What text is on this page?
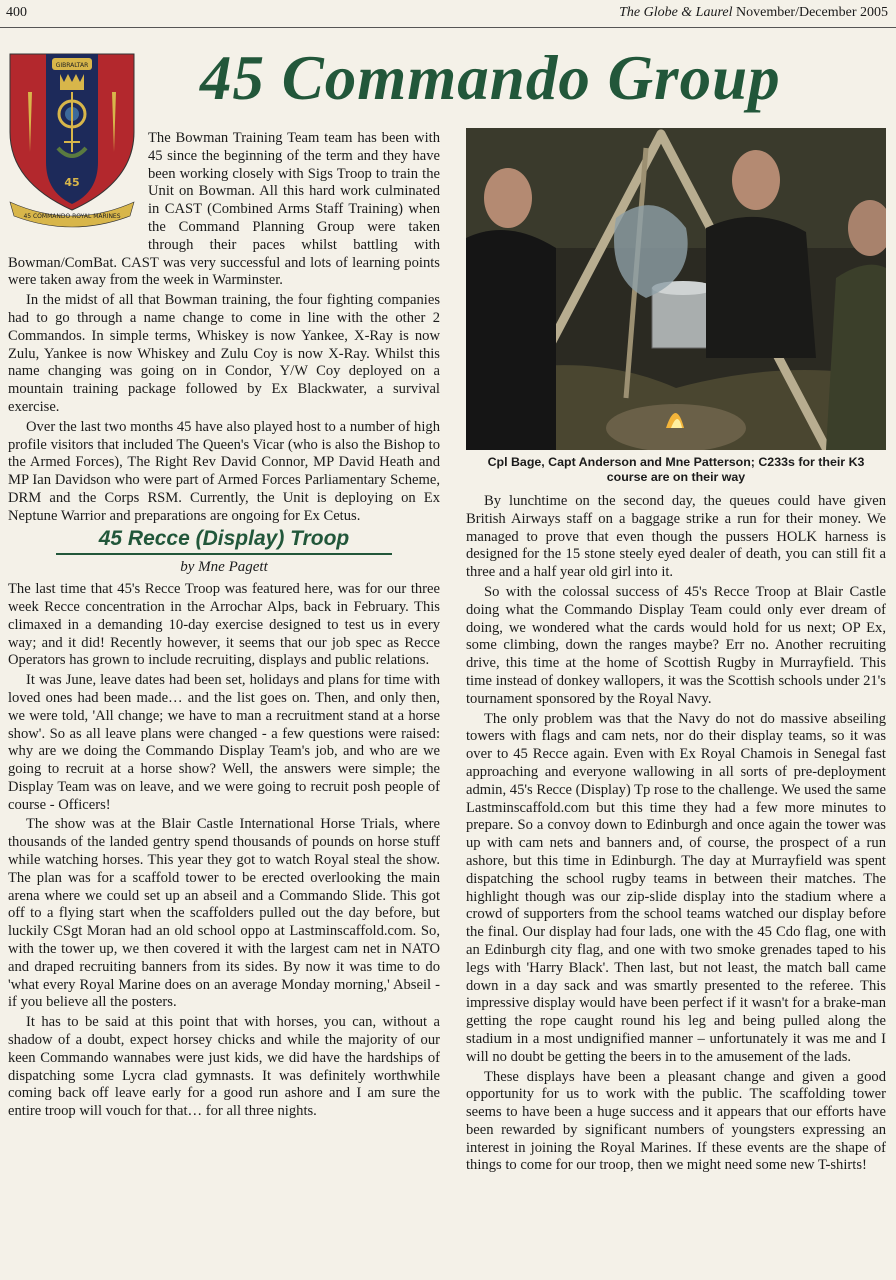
400	The Globe & Laurel November/December 2005
45 Commando Group
GIBRALTAR
45
45 COMMANDO ROYAL MARINES

The Bowman Training Team team has been with 45 since the beginning of the term and they have been working closely with Sigs Troop to train the Unit on Bowman. All this hard work culminated in CAST (Combined Arms Staff Training) when the Command Planning Group were taken through their paces whilst battling with Bowman/ComBat. CAST was very successful and lots of learning points were taken away from the week in Warminster.

In the midst of all that Bowman training, the four fighting companies had to go through a name change to come in line with the other 2 Commandos. In simple terms, Whiskey is now Yankee, X-Ray is now Zulu, Yankee is now Whiskey and Zulu Coy is now X-Ray. Whilst this name changing was going on in Condor, Y/W Coy deployed on a mountain training package followed by Ex Blackwater, a survival exercise.

Over the last two months 45 have also played host to a number of high profile visitors that included The Queen's Vicar (who is also the Bishop to the Armed Forces), The Right Rev David Connor, MP David Heath and MP Ian Davidson who were part of Armed Forces Parliamentary Scheme, DRM and the Corps RSM. Currently, the Unit is deploying on Ex Neptune Warrior and preparations are ongoing for Ex Cetus.

45 Recce (Display) Troop
by Mne Pagett

The last time that 45's Recce Troop was featured here, was for our three week Recce concentration in the Arrochar Alps, back in February. This climaxed in a demanding 10-day exercise designed to test us in every way; and it did! Recently however, it seems that our job spec as Recce Operators has grown to include recruiting, displays and public relations.

It was June, leave dates had been set, holidays and plans for time with loved ones had been made… and the list goes on. Then, and only then, we were told, 'All change; we have to man a recruitment stand at a horse show'. So as all leave plans were changed - a few questions were raised: why are we doing the Commando Display Team's job, and who are we going to recruit at a horse show? Well, the answers were simple; the Display Team was on leave, and we were going to recruit posh people of course - Officers!

The show was at the Blair Castle International Horse Trials, where thousands of the landed gentry spend thousands of pounds on horse stuff while watching horses. This year they got to watch Royal steal the show. The plan was for a scaffold tower to be erected overlooking the main arena where we could set up an abseil and a Commando Slide. This got off to a flying start when the scaffolders pulled out the day before, but luckily CSgt Moran had an old school oppo at Lastminscaffold.com. So, with the tower up, we then covered it with the largest cam net in NATO and draped recruiting banners from its sides. By now it was time to do 'what every Royal Marine does on an average Monday morning,' Abseil - if you believe all the posters.

It has to be said at this point that with horses, you can, without a shadow of a doubt, expect horsey chicks and while the majority of our keen Commando wannabes were just kids, we did have the hardships of dispatching some Lycra clad gymnasts. It was definitely worthwhile coming back off leave early for a good run ashore and I am sure the entire troop will vouch for that… for all three nights.

Cpl Bage, Capt Anderson and Mne Patterson; C233s for their K3 course are on their way

By lunchtime on the second day, the queues could have given British Airways staff on a baggage strike a run for their money. We managed to prove that even though the pussers HOLK harness is designed for the 15 stone steely eyed dealer of death, you can still fit a three and a half year old girl into it.

So with the colossal success of 45's Recce Troop at Blair Castle doing what the Commando Display Team could only ever dream of doing, we wondered what the cards would hold for us next; OP Ex, some climbing, down the ranges maybe? Err no. Another recruiting drive, this time at the home of Scottish Rugby in Murrayfield. This time instead of donkey wallopers, it was the Scottish schools under 21's tournament sponsored by the Royal Navy.

The only problem was that the Navy do not do massive abseiling towers with flags and cam nets, nor do their display teams, so it was over to 45 Recce again. Even with Ex Royal Chamois in Senegal fast approaching and everyone wallowing in all sorts of pre-deployment admin, 45's Recce (Display) Tp rose to the challenge. We used the same Lastminscaffold.com but this time they had a few more minutes to prepare. So a convoy down to Edinburgh and once again the tower was up with cam nets and banners and, of course, the prospect of a run ashore, but this time in Edinburgh. The day at Murrayfield was spent dispatching the school rugby teams in between their matches. The highlight though was our zip-slide display into the stadium where a crowd of supporters from the school teams watched our display before the final. Our display had four lads, one with the 45 Cdo flag, one with an Edinburgh city flag, and one with two smoke grenades taped to his legs with 'Harry Black'. Then last, but not least, the match ball came down in a day sack and was smartly presented to the referee. This impressive display would have been perfect if it wasn't for a brake-man getting the rope caught round his leg and being pulled along the stadium in a most undignified manner – unfortunately it was me and I will no doubt be getting the beers in to the amusement of the lads.

These displays have been a pleasant change and given a good opportunity for us to work with the public. The scaffolding tower seems to have been a huge success and it appears that our efforts have been rewarded by significant numbers of youngsters expressing an interest in joining the Royal Marines. If these events are the shape of things to come for our troop, then we might need some new T-shirts!
